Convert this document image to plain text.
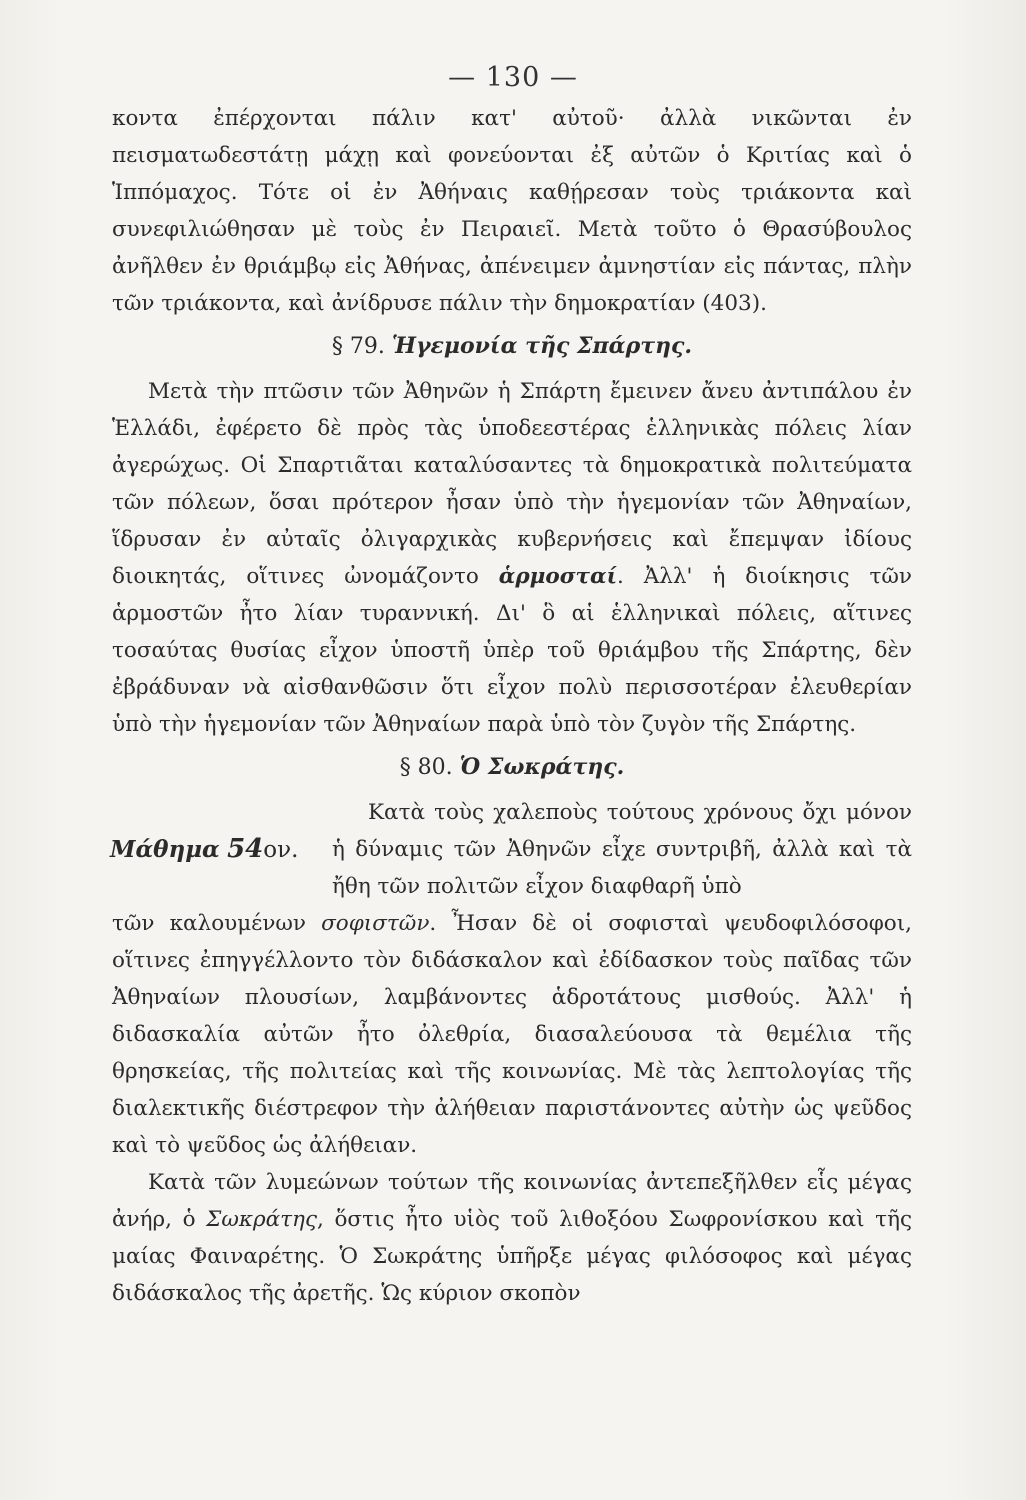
— 130 —

κοντα ἐπέρχονται πάλιν κατ' αὐτοῦ· ἀλλὰ νικῶνται ἐν πεισματωδεστάτῃ μάχῃ καὶ φονεύονται ἐξ αὐτῶν ὁ Κριτίας καὶ ὁ Ἱππόμαχος. Τότε οἱ ἐν Ἀθήναις καθῄρεσαν τοὺς τριάκοντα καὶ συνεφιλιώθησαν μὲ τοὺς ἐν Πειραιεῖ. Μετὰ τοῦτο ὁ Θρασύβουλος ἀνῆλθεν ἐν θριάμβῳ εἰς Ἀθήνας, ἀπένειμεν ἀμνηστίαν εἰς πάντας, πλὴν τῶν τριάκοντα, καὶ ἀνίδρυσε πάλιν τὴν δημοκρατίαν (403).

§ 79. Ἡγεμονία τῆς Σπάρτης.

Μετὰ τὴν πτῶσιν τῶν Ἀθηνῶν ἡ Σπάρτη ἔμεινεν ἄνευ ἀντιπάλου ἐν Ἑλλάδι, ἐφέρετο δὲ πρὸς τὰς ὑποδεεστέρας ἑλληνικὰς πόλεις λίαν ἀγερώχως. Οἱ Σπαρτιᾶται καταλύσαντες τὰ δημοκρατικὰ πολιτεύματα τῶν πόλεων, ὅσαι πρότερον ἦσαν ὑπὸ τὴν ἡγεμονίαν τῶν Ἀθηναίων, ἵδρυσαν ἐν αὐταῖς ὀλιγαρχικὰς κυβερνήσεις καὶ ἔπεμψαν ἰδίους διοικητάς, οἵτινες ὠνομάζοντο ἁρμοσταί. Ἀλλ' ἡ διοίκησις τῶν ἁρμοστῶν ἦτο λίαν τυραννική. Δι' ὃ αἱ ἑλληνικαὶ πόλεις, αἵτινες τοσαύτας θυσίας εἶχον ὑποστῆ ὑπὲρ τοῦ θριάμβου τῆς Σπάρτης, δὲν ἐβράδυναν νὰ αἰσθανθῶσιν ὅτι εἶχον πολὺ περισσοτέραν ἐλευθερίαν ὑπὸ τὴν ἡγεμονίαν τῶν Ἀθηναίων παρὰ ὑπὸ τὸν ζυγὸν τῆς Σπάρτης.

§ 80. Ὁ Σωκράτης.
Μάθημα 54ον.

Κατὰ τοὺς χαλεποὺς τούτους χρόνους ὄχι μόνον ἡ δύναμις τῶν Ἀθηνῶν εἶχε συντριβῆ, ἀλλὰ καὶ τὰ ἤθη τῶν πολιτῶν εἶχον διαφθαρῆ ὑπὸ

τῶν καλουμένων σοφιστῶν. Ἦσαν δὲ οἱ σοφισταὶ ψευδοφιλόσοφοι, οἵτινες ἐπηγγέλλοντο τὸν διδάσκαλον καὶ ἐδίδασκον τοὺς παῖδας τῶν Ἀθηναίων πλουσίων, λαμβάνοντες ἁδροτάτους μισθούς. Ἀλλ' ἡ διδασκαλία αὐτῶν ἦτο ὀλεθρία, διασαλεύουσα τὰ θεμέλια τῆς θρησκείας, τῆς πολιτείας καὶ τῆς κοινωνίας. Μὲ τὰς λεπτολογίας τῆς διαλεκτικῆς διέστρεφον τὴν ἀλήθειαν παριστάνοντες αὐτὴν ὡς ψεῦδος καὶ τὸ ψεῦδος ὡς ἀλήθειαν.

Κατὰ τῶν λυμεώνων τούτων τῆς κοινωνίας ἀντεπεξῆλθεν εἷς μέγας ἀνήρ, ὁ Σωκράτης, ὅστις ἦτο υἱὸς τοῦ λιθοξόου Σωφρονίσκου καὶ τῆς μαίας Φαιναρέτης. Ὁ Σωκράτης ὑπῆρξε μέγας φιλόσοφος καὶ μέγας διδάσκαλος τῆς ἀρετῆς. Ὡς κύριον σκοπὸν
